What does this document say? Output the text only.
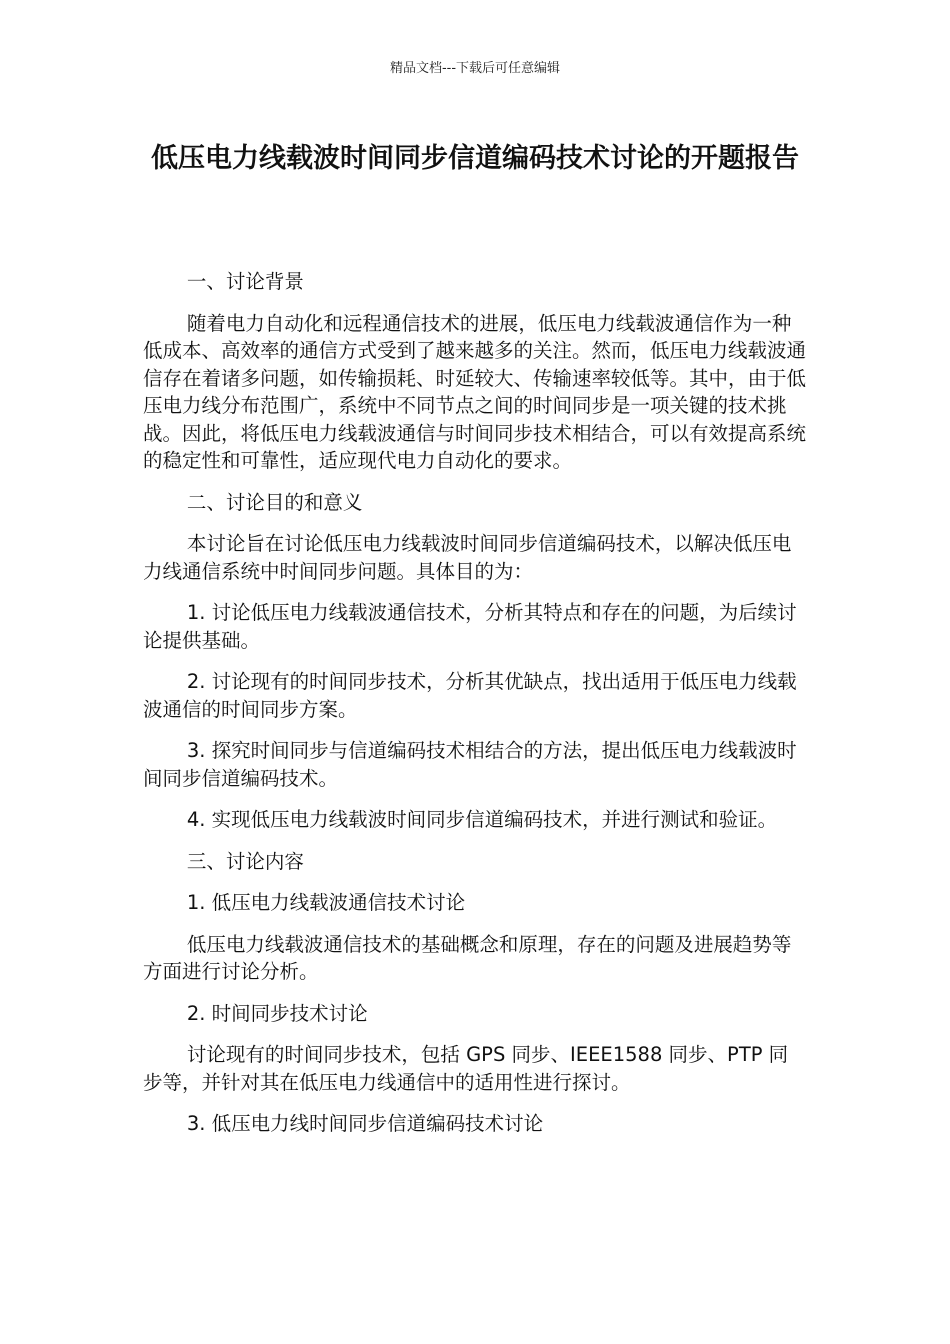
精品文档---下载后可任意编辑
低压电力线载波时间同步信道编码技术讨论的开题报告

一、讨论背景

随着电力自动化和远程通信技术的进展，低压电力线载波通信作为一种低成本、高效率的通信方式受到了越来越多的关注。然而，低压电力线载波通信存在着诸多问题，如传输损耗、时延较大、传输速率较低等。其中，由于低压电力线分布范围广，系统中不同节点之间的时间同步是一项关键的技术挑战。因此，将低压电力线载波通信与时间同步技术相结合，可以有效提高系统的稳定性和可靠性，适应现代电力自动化的要求。

二、讨论目的和意义

本讨论旨在讨论低压电力线载波时间同步信道编码技术，以解决低压电力线通信系统中时间同步问题。具体目的为：

1. 讨论低压电力线载波通信技术，分析其特点和存在的问题，为后续讨论提供基础。

2. 讨论现有的时间同步技术，分析其优缺点，找出适用于低压电力线载波通信的时间同步方案。

3. 探究时间同步与信道编码技术相结合的方法，提出低压电力线载波时间同步信道编码技术。

4. 实现低压电力线载波时间同步信道编码技术，并进行测试和验证。

三、讨论内容

1. 低压电力线载波通信技术讨论

低压电力线载波通信技术的基础概念和原理，存在的问题及进展趋势等方面进行讨论分析。

2. 时间同步技术讨论

讨论现有的时间同步技术，包括 GPS 同步、IEEE1588 同步、PTP 同步等，并针对其在低压电力线通信中的适用性进行探讨。

3. 低压电力线时间同步信道编码技术讨论
